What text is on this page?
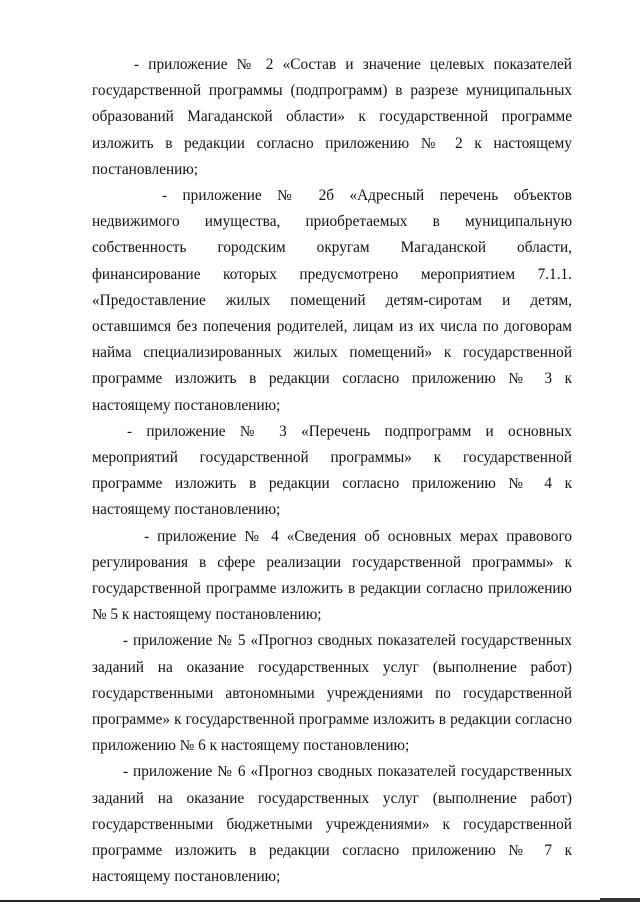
- приложение № 2 «Состав и значение целевых показателей государственной программы (подпрограмм) в разрезе муниципальных образований Магаданской области» к государственной программе изложить в редакции согласно приложению № 2 к настоящему постановлению;

- приложение № 2б «Адресный перечень объектов недвижимого имущества, приобретаемых в муниципальную собственность городским округам Магаданской области, финансирование которых предусмотрено мероприятием 7.1.1. «Предоставление жилых помещений детям-сиротам и детям, оставшимся без попечения родителей, лицам из их числа по договорам найма специализированных жилых помещений» к государственной программе изложить в редакции согласно приложению № 3 к настоящему постановлению;

- приложение № 3 «Перечень подпрограмм и основных мероприятий государственной программы» к государственной программе изложить в редакции согласно приложению № 4 к настоящему постановлению;

- приложение № 4 «Сведения об основных мерах правового регулирования в сфере реализации государственной программы» к государственной программе изложить в редакции согласно приложению № 5 к настоящему постановлению;

- приложение № 5 «Прогноз сводных показателей государственных заданий на оказание государственных услуг (выполнение работ) государственными автономными учреждениями по государственной программе» к государственной программе изложить в редакции согласно приложению № 6 к настоящему постановлению;

- приложение № 6 «Прогноз сводных показателей государственных заданий на оказание государственных услуг (выполнение работ) государственными бюджетными учреждениями» к государственной программе изложить в редакции согласно приложению № 7 к настоящему постановлению;
